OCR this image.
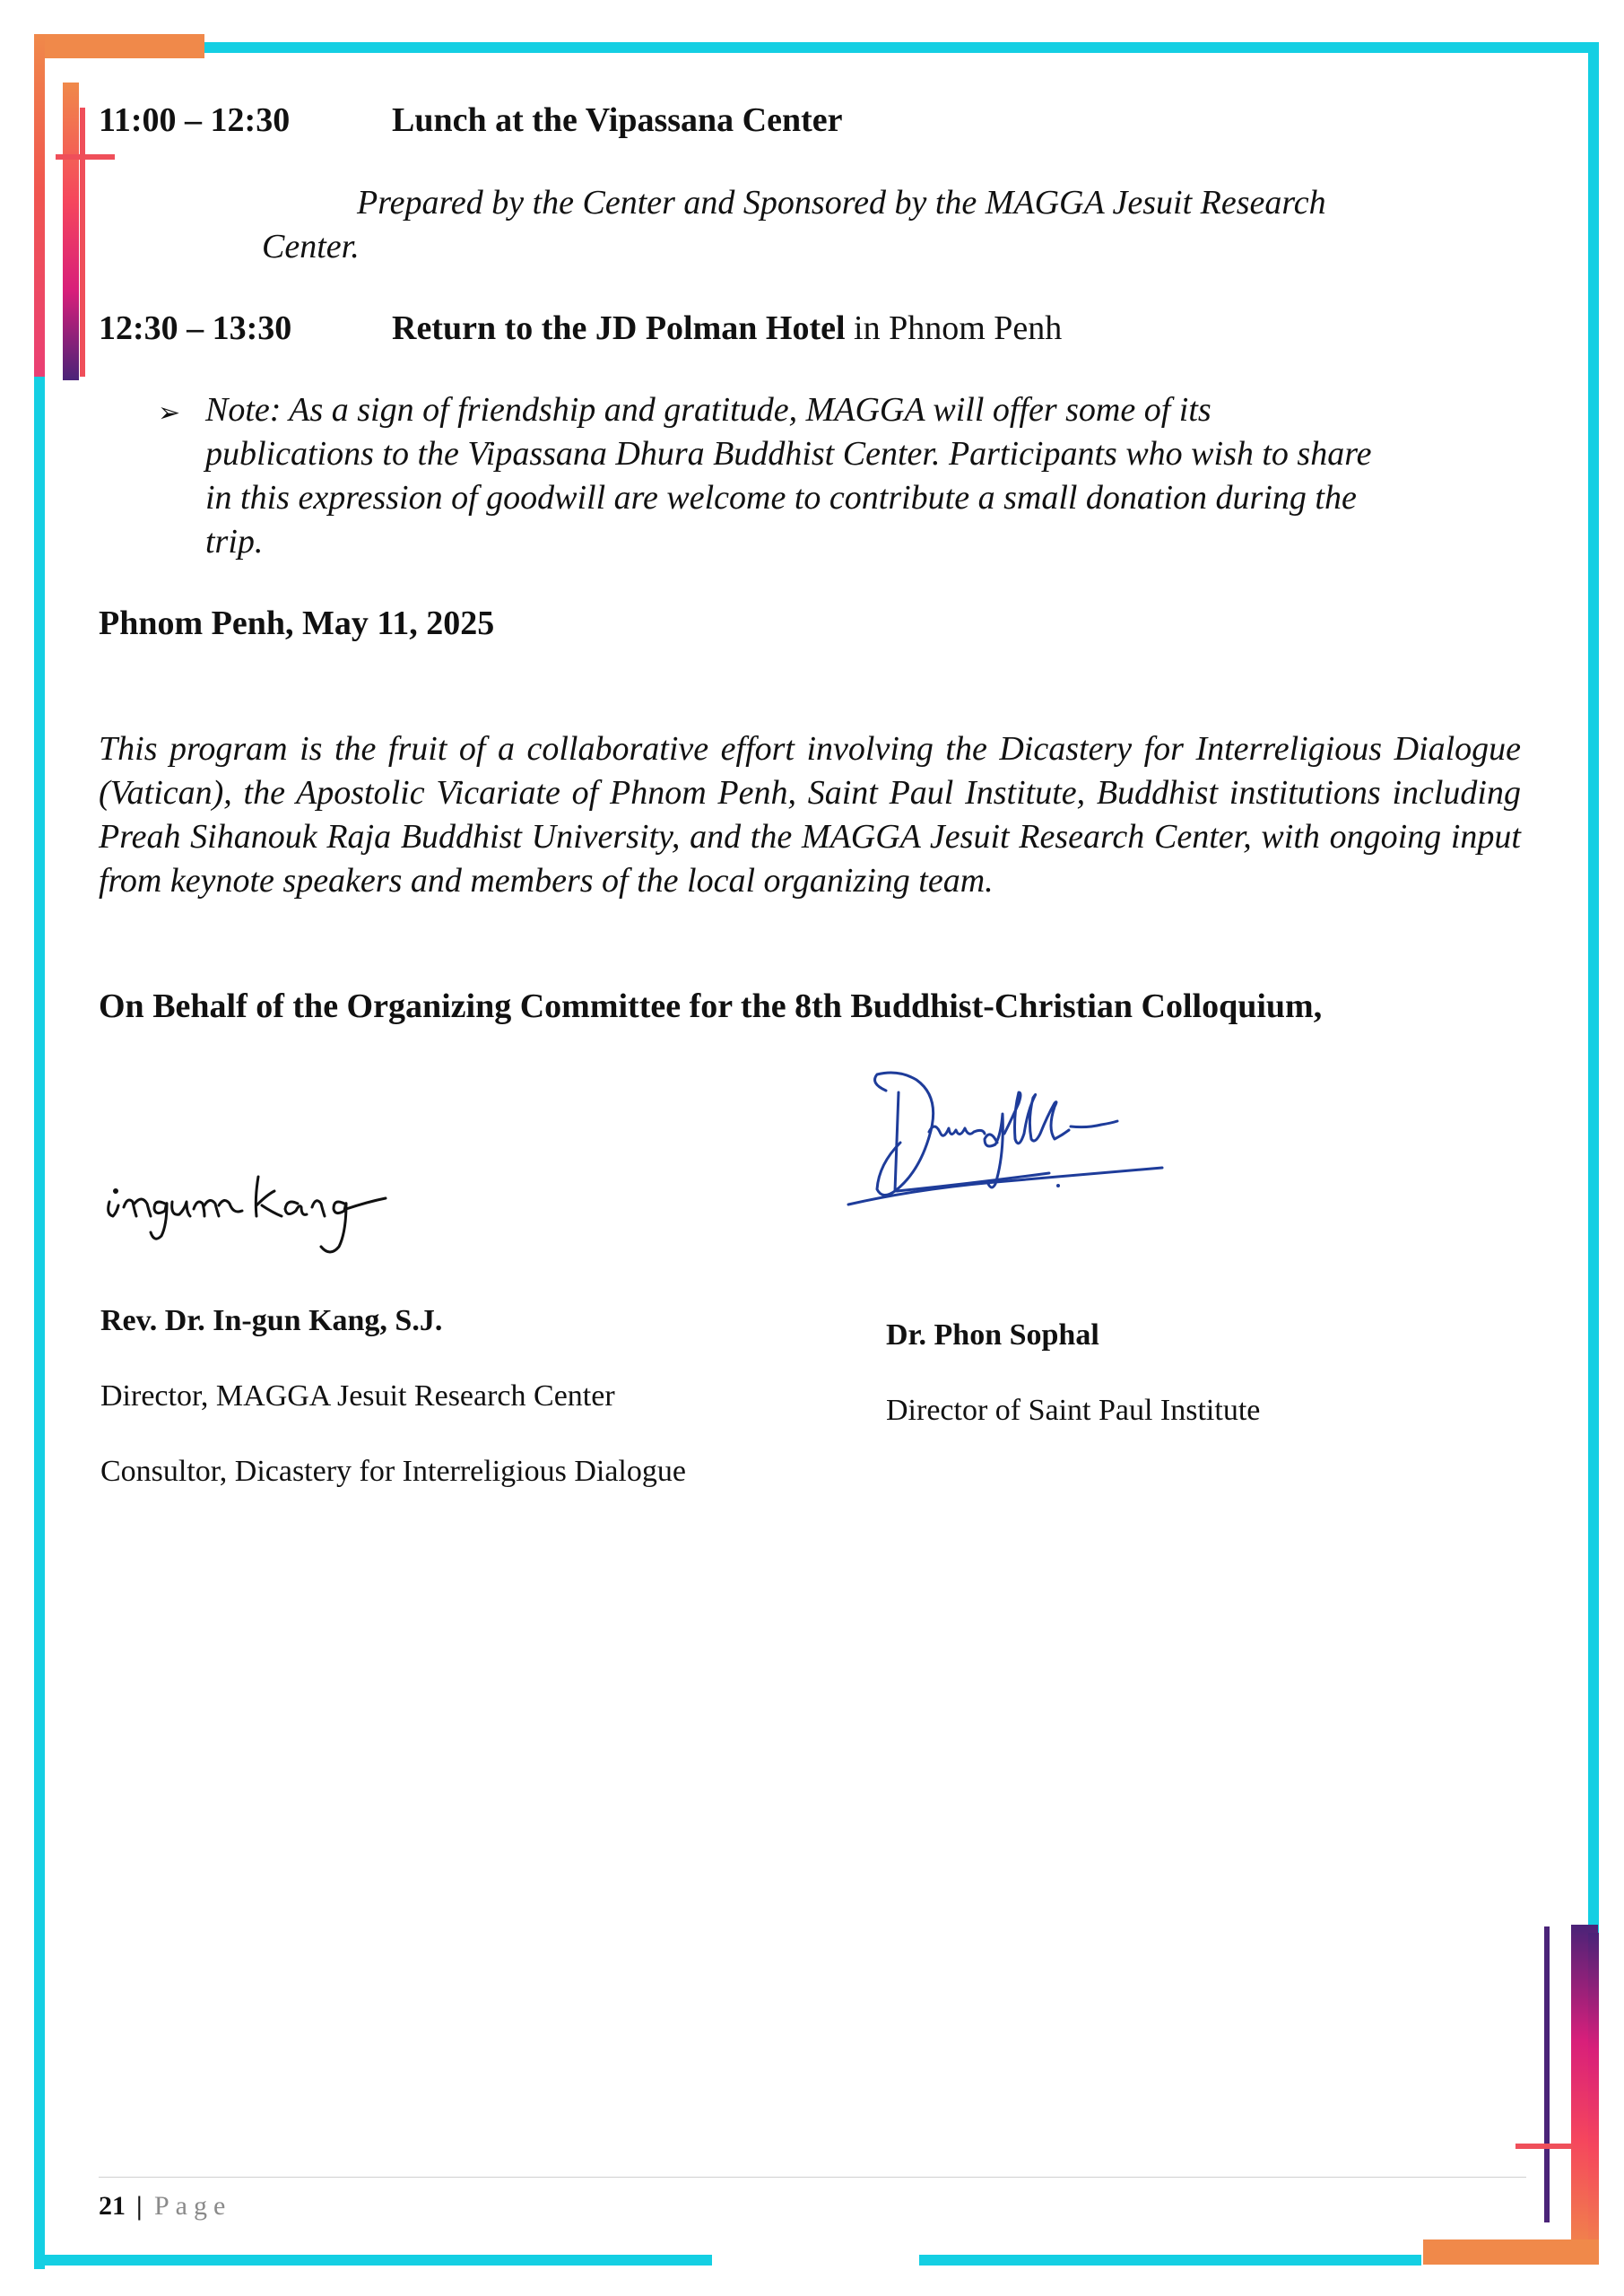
11:00 – 12:30	Lunch at the Vipassana Center
Prepared by the Center and Sponsored by the MAGGA Jesuit Research
Center.
12:30 – 13:30	Return to the JD Polman Hotel in Phnom Penh
➢ Note: As a sign of friendship and gratitude, MAGGA will offer some of its
publications to the Vipassana Dhura Buddhist Center. Participants who wish to share
in this expression of goodwill are welcome to contribute a small donation during the
trip.
Phnom Penh, May 11, 2025
This program is the fruit of a collaborative effort involving the Dicastery for Interreligious Dialogue (Vatican), the Apostolic Vicariate of Phnom Penh, Saint Paul Institute, Buddhist institutions including Preah Sihanouk Raja Buddhist University, and the MAGGA Jesuit Research Center, with ongoing input from keynote speakers and members of the local organizing team.
On Behalf of the Organizing Committee for the 8th Buddhist-Christian Colloquium,
ingun kang
Rev. Dr. In-gun Kang, S.J.
Director, MAGGA Jesuit Research Center
Consultor, Dicastery for Interreligious Dialogue
Dr. Phon Sophal
Director of Saint Paul Institute
21 | Page
